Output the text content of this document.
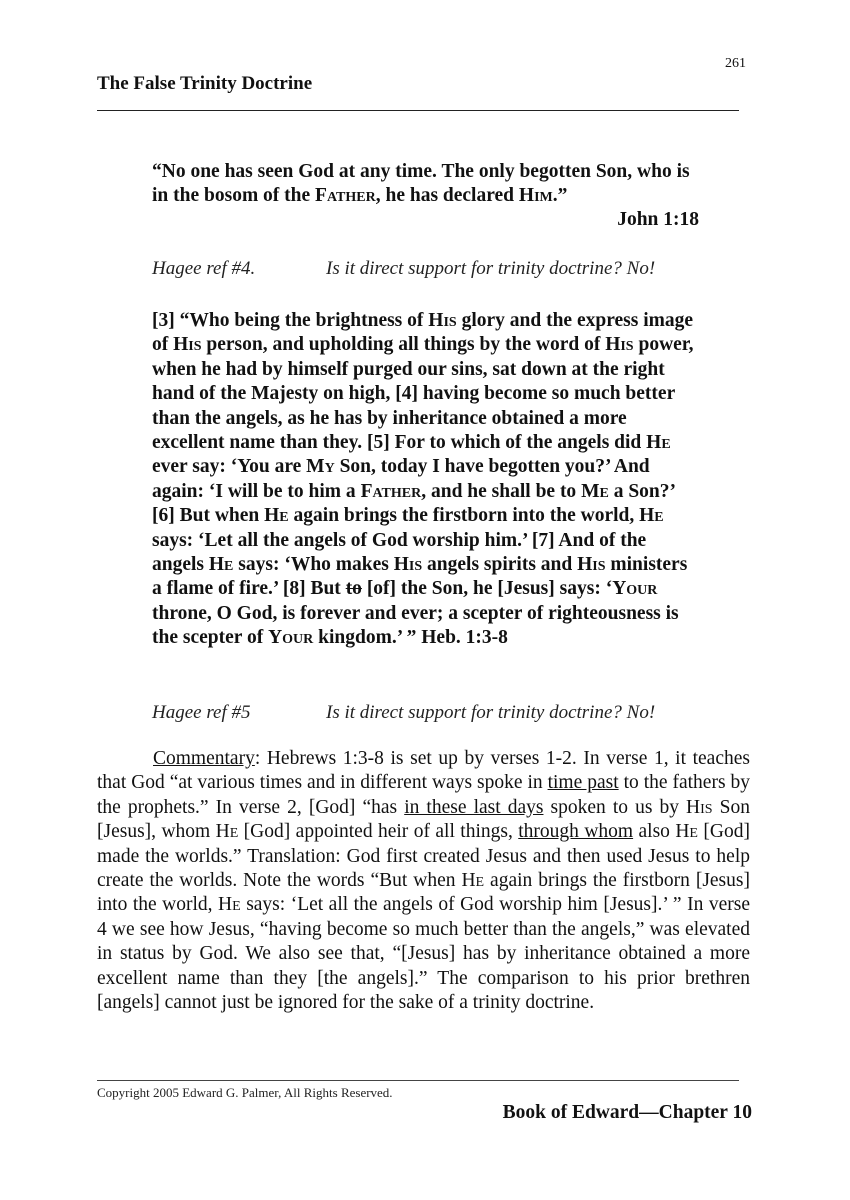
261
The False Trinity Doctrine
“No one has seen God at any time. The only begotten Son, who is in the bosom of the Father, he has declared Him.”
John 1:18
Hagee ref #4.	Is it direct support for trinity doctrine? No!
[3] “Who being the brightness of His glory and the express image of His person, and upholding all things by the word of His power, when he had by himself purged our sins, sat down at the right hand of the Majesty on high, [4] having become so much better than the angels, as he has by inheritance obtained a more excellent name than they. [5] For to which of the angels did He ever say: ‘You are My Son, today I have begotten you?’ And again: ‘I will be to him a Father, and he shall be to Me a Son?’ [6] But when He again brings the firstborn into the world, He says: ‘Let all the angels of God worship him.’ [7] And of the angels He says: ‘Who makes His angels spirits and His ministers a flame of fire.’ [8] But to [of] the Son, he [Jesus] says: ‘Your throne, O God, is forever and ever; a scepter of righteousness is the scepter of Your kingdom.’ ” Heb. 1:3-8
Hagee ref #5	Is it direct support for trinity doctrine? No!
Commentary: Hebrews 1:3-8 is set up by verses 1-2. In verse 1, it teaches that God “at various times and in different ways spoke in time past to the fathers by the prophets.” In verse 2, [God] “has in these last days spoken to us by His Son [Jesus], whom He [God] appointed heir of all things, through whom also He [God] made the worlds.” Translation: God first created Jesus and then used Jesus to help create the worlds. Note the words “But when He again brings the firstborn [Jesus] into the world, He says: ‘Let all the angels of God worship him [Jesus].’ ” In verse 4 we see how Jesus, “having become so much better than the angels,” was elevated in status by God. We also see that, “[Jesus] has by inheritance obtained a more excellent name than they [the angels].” The comparison to his prior brethren [angels] cannot just be ignored for the sake of a trinity doctrine.
Copyright 2005 Edward G. Palmer, All Rights Reserved.
Book of Edward—Chapter 10
